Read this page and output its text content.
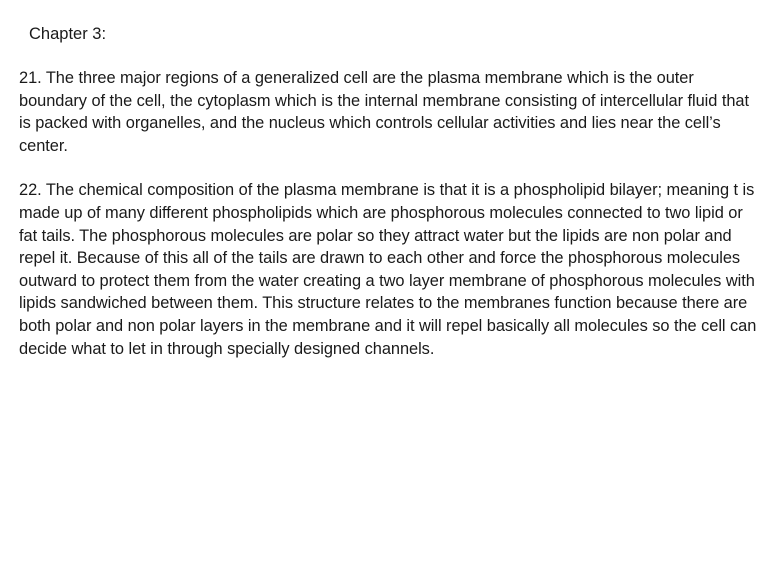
Chapter 3:

21. The three major regions of a generalized cell are the plasma membrane which is the outer boundary of the cell, the cytoplasm which is the internal membrane consisting of intercellular fluid that is packed with organelles, and the nucleus which controls cellular activities and lies near the cell’s center.

22. The chemical composition of the plasma membrane is that it is a phospholipid bilayer; meaning t is made up of many different phospholipids which are phosphorous molecules connected to two lipid or fat tails. The phosphorous molecules are polar so they attract water but the lipids are non polar and repel it. Because of this all of the tails are drawn to each other and force the phosphorous molecules outward to protect them from the water creating a two layer membrane of phosphorous molecules with lipids sandwiched between them. This structure relates to the membranes function because there are both polar and non polar layers in the membrane and it will repel basically all molecules so the cell can decide what to let in through specially designed channels.
